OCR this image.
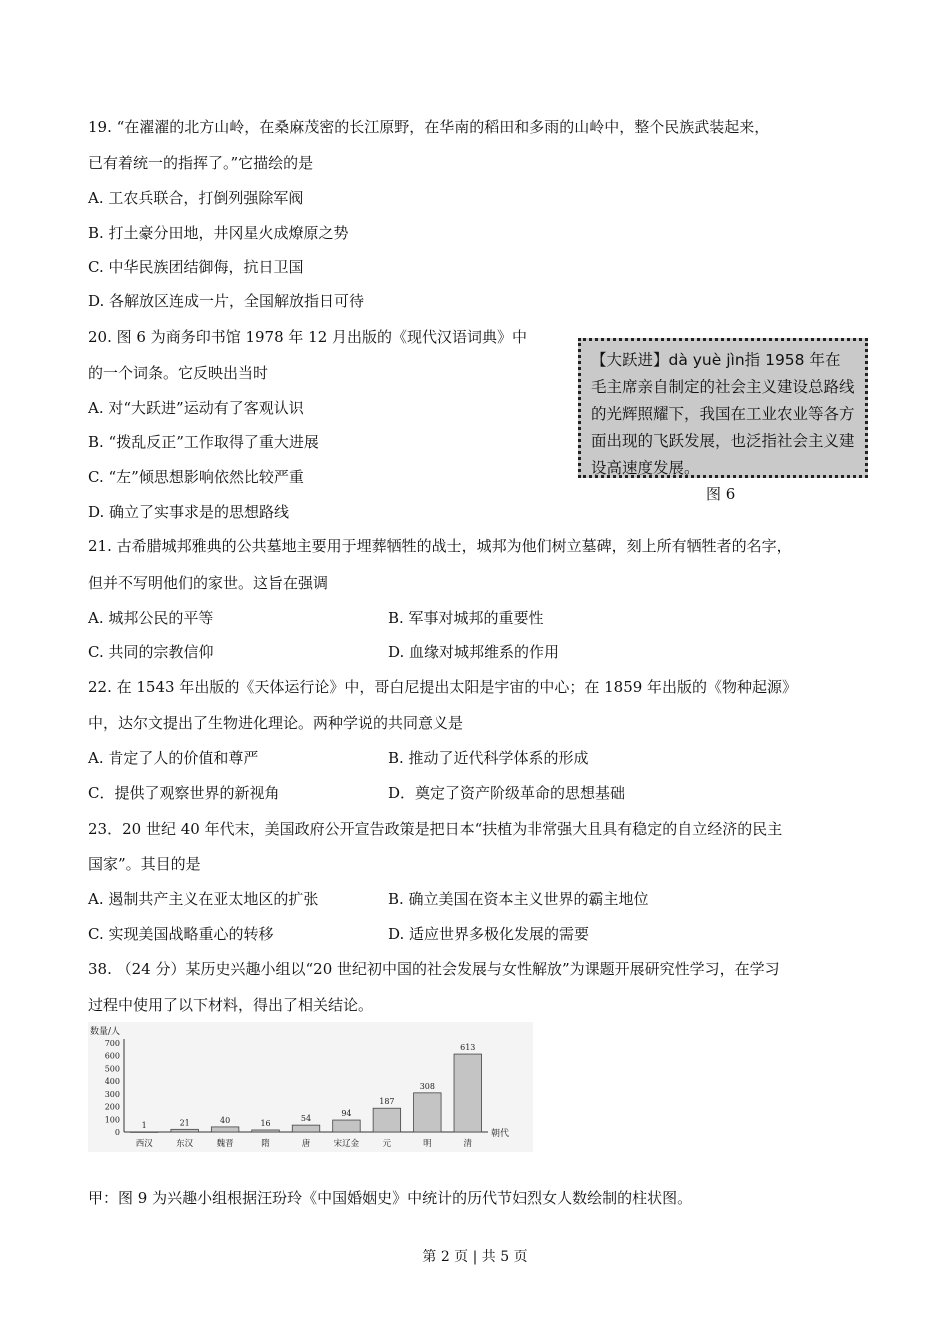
19. “在濯濯的北方山岭，在桑麻茂密的长江原野，在华南的稻田和多雨的山岭中，整个民族武装起来，
已有着统一的指挥了。”它描绘的是
A. 工农兵联合，打倒列强除军阀
B. 打土豪分田地，井冈星火成燎原之势
C. 中华民族团结御侮，抗日卫国
D. 各解放区连成一片，全国解放指日可待
20. 图 6 为商务印书馆 1978 年 12 月出版的《现代汉语词典》中
的一个词条。它反映出当时
A. 对“大跃进”运动有了客观认识
B. “拨乱反正”工作取得了重大进展
C. “左”倾思想影响依然比较严重
D. 确立了实事求是的思想路线
【大跃进】dà yuè jìn指 1958 年在毛主席亲自制定的社会主义建设总路线的光辉照耀下，我国在工业农业等各方面出现的飞跃发展，也泛指社会主义建设高速度发展。
图 6
21. 古希腊城邦雅典的公共墓地主要用于埋葬牺牲的战士，城邦为他们树立墓碑，刻上所有牺牲者的名字，
但并不写明他们的家世。这旨在强调
A. 城邦公民的平等	B. 军事对城邦的重要性
C. 共同的宗教信仰	D. 血缘对城邦维系的作用
22. 在 1543 年出版的《天体运行论》中，哥白尼提出太阳是宇宙的中心；在 1859 年出版的《物种起源》
中，达尔文提出了生物进化理论。两种学说的共同意义是
A. 肯定了人的价值和尊严	B. 推动了近代科学体系的形成
C．提供了观察世界的新视角	D．奠定了资产阶级革命的思想基础
23．20 世纪 40 年代末，美国政府公开宣告政策是把日本“扶植为非常强大且具有稳定的自立经济的民主
国家”。其目的是
A. 遏制共产主义在亚太地区的扩张	B. 确立美国在资本主义世界的霸主地位
C. 实现美国战略重心的转移	D. 适应世界多极化发展的需要
38. （24 分）某历史兴趣小组以“20 世纪初中国的社会发展与女性解放”为课题开展研究性学习，在学习
过程中使用了以下材料，得出了相关结论。
数量/人
朝代
0
100
200
300
400
500
600
700
1
西汉
21
东汉
40
魏晋
16
隋
54
唐
94
宋辽金
187
元
308
明
613
清
甲：图 9 为兴趣小组根据汪玢玲《中国婚姻史》中统计的历代节妇烈女人数绘制的柱状图。
第 2 页 | 共 5 页
